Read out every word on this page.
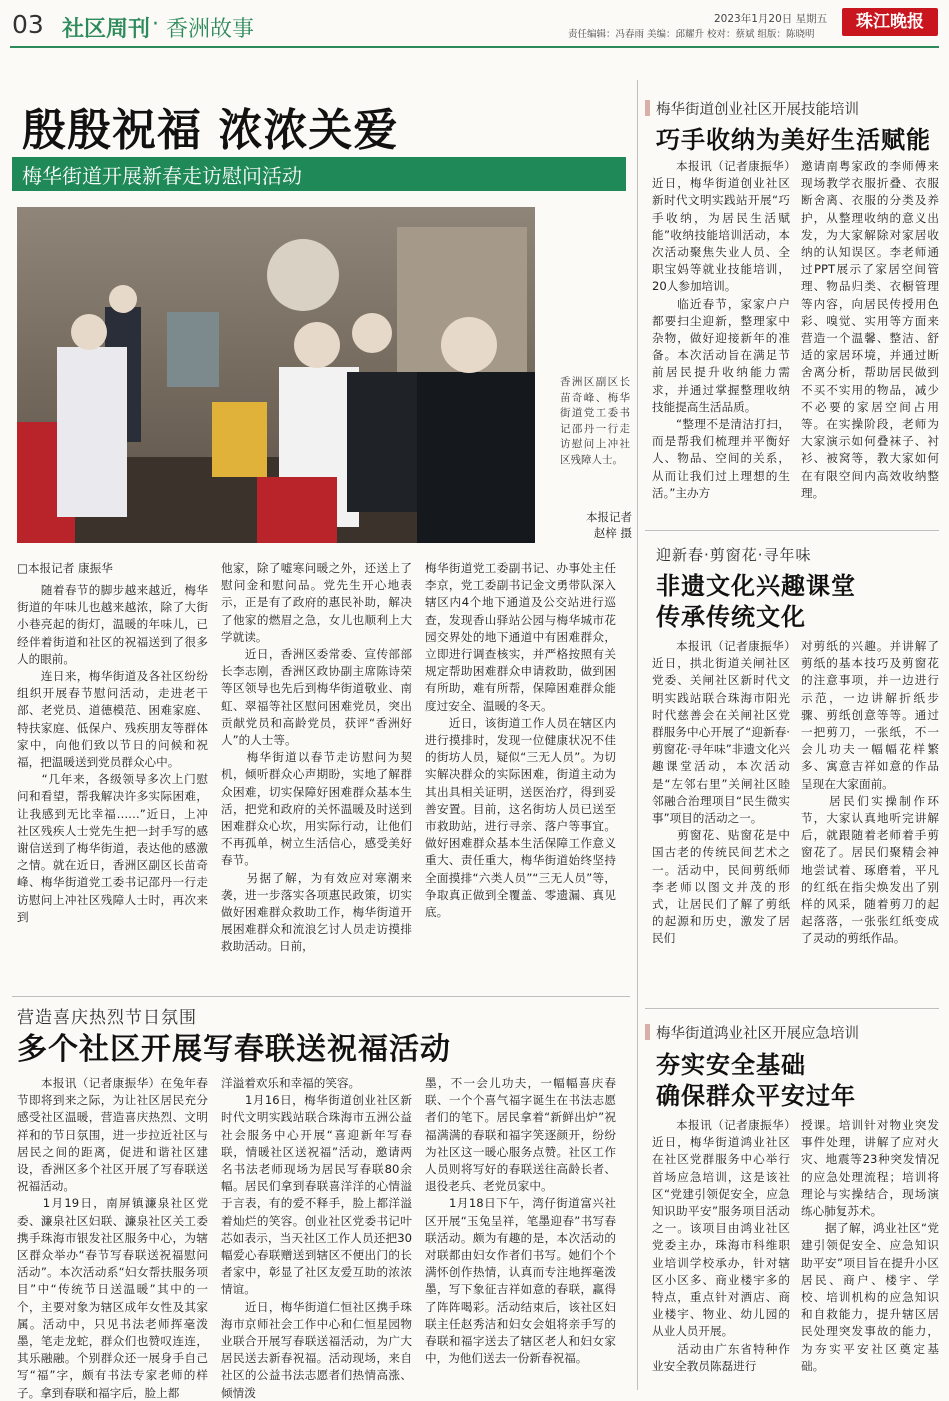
03 社区周刊 · 香洲故事	2023年1月20日 星期五
责任编辑：冯春雨 美编：邱耀升 校对：蔡斌 组版：陈晓明
珠江晚报
殷殷祝福 浓浓关爱
梅华街道开展新春走访慰问活动
香洲区副区长苗奇峰、梅华街道党工委书记邵丹一行走访慰问上冲社区残障人士。
本报记者
赵梓 摄
□本报记者 康振华
　　随着春节的脚步越来越近，梅华街道的年味儿也越来越浓，除了大街小巷亮起的街灯，温暖的年味儿，已经伴着街道和社区的祝福送到了很多人的眼前。
　　连日来，梅华街道及各社区纷纷组织开展春节慰问活动，走进老干部、老党员、道德模范、困难家庭、特扶家庭、低保户、残疾朋友等群体家中，向他们致以节日的问候和祝福，把温暖送到党员群众心中。
　　“几年来，各级领导多次上门慰问和看望，帮我解决许多实际困难，让我感到无比幸福……”近日，上冲社区残疾人士党先生把一封手写的感谢信送到了梅华街道，表达他的感激之情。就在近日，香洲区副区长苗奇峰、梅华街道党工委书记邵丹一行走访慰问上冲社区残障人士时，再次来到
他家，除了嘘寒问暖之外，还送上了慰问金和慰问品。党先生开心地表示，正是有了政府的惠民补助，解决了他家的燃眉之急，女儿也顺利上大学就读。
　　近日，香洲区委常委、宣传部部长李志刚，香洲区政协副主席陈诗荣等区领导也先后到梅华街道敬业、南虹、翠福等社区慰问困难党员，突出贡献党员和高龄党员，获评“香洲好人”的人士等。
　　梅华街道以春节走访慰问为契机，倾听群众心声期盼，实地了解群众困难，切实保障好困难群众基本生活，把党和政府的关怀温暖及时送到困难群众心坎，用实际行动，让他们不再孤单，树立生活信心，感受美好春节。
　　另据了解，为有效应对寒潮来袭，进一步落实各项惠民政策，切实做好困难群众救助工作，梅华街道开展困难群众和流浪乞讨人员走访摸排救助活动。日前，
梅华街道党工委副书记、办事处主任李京，党工委副书记金文勇带队深入辖区内4个地下通道及公交站进行巡查，发现香山驿站公园与梅华城市花园交界处的地下通道中有困难群众，立即进行调查核实，并严格按照有关规定帮助困难群众申请救助，做到困有所助，难有所帮，保障困难群众能度过安全、温暖的冬天。
　　近日，该街道工作人员在辖区内进行摸排时，发现一位健康状况不佳的街坊人员，疑似“三无人员”。为切实解决群众的实际困难，街道主动为其出具相关证明，送医治疗，得到妥善安置。目前，这名街坊人员已送至市救助站，进行寻亲、落户等事宜。做好困难群众基本生活保障工作意义重大、责任重大，梅华街道始终坚持全面摸排“六类人员”“三无人员”等，争取真正做到全覆盖、零遗漏、真见底。
营造喜庆热烈节日氛围
多个社区开展写春联送祝福活动
　　本报讯（记者康振华）在兔年春节即将到来之际，为让社区居民充分感受社区温暖，营造喜庆热烈、文明祥和的节日氛围，进一步拉近社区与居民之间的距离，促进和谐社区建设，香洲区多个社区开展了写春联送祝福活动。
　　1月19日，南屏镇濂泉社区党委、濂泉社区妇联、濂泉社区关工委携手珠海市银发社区服务中心，为辖区群众举办“春节写春联送祝福慰问活动”。本次活动系“妇女帮扶服务项目”中“传统节日送温暖”其中的一个，主要对象为辖区成年女性及其家属。活动中，只见书法老师挥毫泼墨，笔走龙蛇，群众们也赞叹连连，其乐融融。个别群众还一展身手自己写“福”字，颇有书法专家老师的样子。拿到春联和福字后，脸上都
洋溢着欢乐和幸福的笑容。
　　1月16日，梅华街道创业社区新时代文明实践站联合珠海市五洲公益社会服务中心开展“喜迎新年写春联，情暖社区送祝福”活动，邀请两名书法老师现场为居民写春联80余幅。居民们拿到春联喜洋洋的心情溢于言表，有的爱不释手，脸上都洋溢着灿烂的笑容。创业社区党委书记叶芯如表示，当天社区工作人员还把30幅爱心春联赠送到辖区不便出门的长者家中，彰显了社区友爱互助的浓浓情谊。
　　近日，梅华街道仁恒社区携手珠海市京师社会工作中心和仁恒星园物业联合开展写春联送福活动，为广大居民送去新春祝福。活动现场，来自社区的公益书法志愿者们热情高涨、倾情泼
墨，不一会儿功夫，一幅幅喜庆春联、一个个喜气福字诞生在书法志愿者们的笔下。居民拿着“新鲜出炉”祝福满满的春联和福字笑逐颜开，纷纷为社区这一暖心服务点赞。社区工作人员则将写好的春联送往高龄长者、退役老兵、老党员家中。
　　1月18日下午，湾仔街道富兴社区开展“玉兔呈祥，笔墨迎春”书写春联活动。颇为有趣的是，本次活动的对联都由妇女作者们书写。她们个个满怀创作热情，认真而专注地挥毫泼墨，写下象征吉祥如意的春联，赢得了阵阵喝彩。活动结束后，该社区妇联主任赵秀洁和妇女会姐将亲手写的春联和福字送去了辖区老人和妇女家中，为他们送去一份新春祝福。
梅华街道创业社区开展技能培训
巧手收纳为美好生活赋能
　　本报讯（记者康振华）近日，梅华街道创业社区新时代文明实践站开展“巧手收纳，为居民生活赋能”收纳技能培训活动，本次活动聚焦失业人员、全职宝妈等就业技能培训，20人参加培训。
　　临近春节，家家户户都要扫尘迎新，整理家中杂物，做好迎接新年的准备。本次活动旨在满足节前居民提升收纳能力需求，并通过掌握整理收纳技能提高生活品质。
　　“整理不是清洁打扫，而是帮我们梳理并平衡好人、物品、空间的关系，从而让我们过上理想的生活。”主办方
邀请南粤家政的李师傅来现场教学衣服折叠、衣服断舍离、衣服的分类及养护，从整理收纳的意义出发，为大家解除对家居收纳的认知误区。李老师通过PPT展示了家居空间管理、物品归类、衣橱管理等内容，向居民传授用色彩、嗅觉、实用等方面来营造一个温馨、整洁、舒适的家居环境，并通过断舍离分析，帮助居民做到不买不实用的物品，减少不必要的家居空间占用等。在实操阶段，老师为大家演示如何叠袜子、衬衫、被窝等，教大家如何在有限空间内高效收纳整理。
迎新春·剪窗花·寻年味
非遗文化兴趣课堂
传承传统文化
　　本报讯（记者康振华）近日，拱北街道关闸社区党委、关闸社区新时代文明实践站联合珠海市阳光时代慈善会在关闸社区党群服务中心开展了“迎新春·剪窗花·寻年味”非遗文化兴趣课堂活动，本次活动是“左邻右里”关闸社区睦邻融合治理项目“民生微实事”项目的活动之一。
　　剪窗花、贴窗花是中国古老的传统民间艺术之一。活动中，民间剪纸师李老师以图文并茂的形式，让居民们了解了剪纸的起源和历史，激发了居民们
对剪纸的兴趣。并讲解了剪纸的基本技巧及剪窗花的注意事项，并一边进行示范，一边讲解折纸步骤、剪纸创意等等。通过一把剪刀，一张纸，不一会儿功夫一幅幅花样繁多、寓意吉祥如意的作品呈现在大家面前。
　　居民们实操制作环节，大家认真地听完讲解后，就跟随着老师着手剪窗花了。居民们聚精会神地尝试着、琢磨着，平凡的红纸在指尖焕发出了别样的风采，随着剪刀的起起落落，一张张红纸变成了灵动的剪纸作品。
梅华街道鸿业社区开展应急培训
夯实安全基础
确保群众平安过年
　　本报讯（记者康振华）近日，梅华街道鸿业社区在社区党群服务中心举行首场应急培训，这是该社区“党建引领促安全，应急知识助平安”服务项目活动之一。该项目由鸿业社区党委主办，珠海市科维职业培训学校承办，针对辖区小区多、商业楼宇多的特点，重点针对酒店、商业楼宇、物业、幼儿园的从业人员开展。
　　活动由广东省特种作业安全教员陈磊进行
授课。培训针对物业突发事件处理，讲解了应对火灾、地震等23种突发情况的应急处理流程；培训将理论与实操结合，现场演练心肺复苏术。
　　据了解，鸿业社区“党建引领促安全、应急知识助平安”项目旨在提升小区居民、商户、楼宇、学校、培训机构的应急知识和自救能力，提升辖区居民处理突发事故的能力，为夯实平安社区奠定基础。
